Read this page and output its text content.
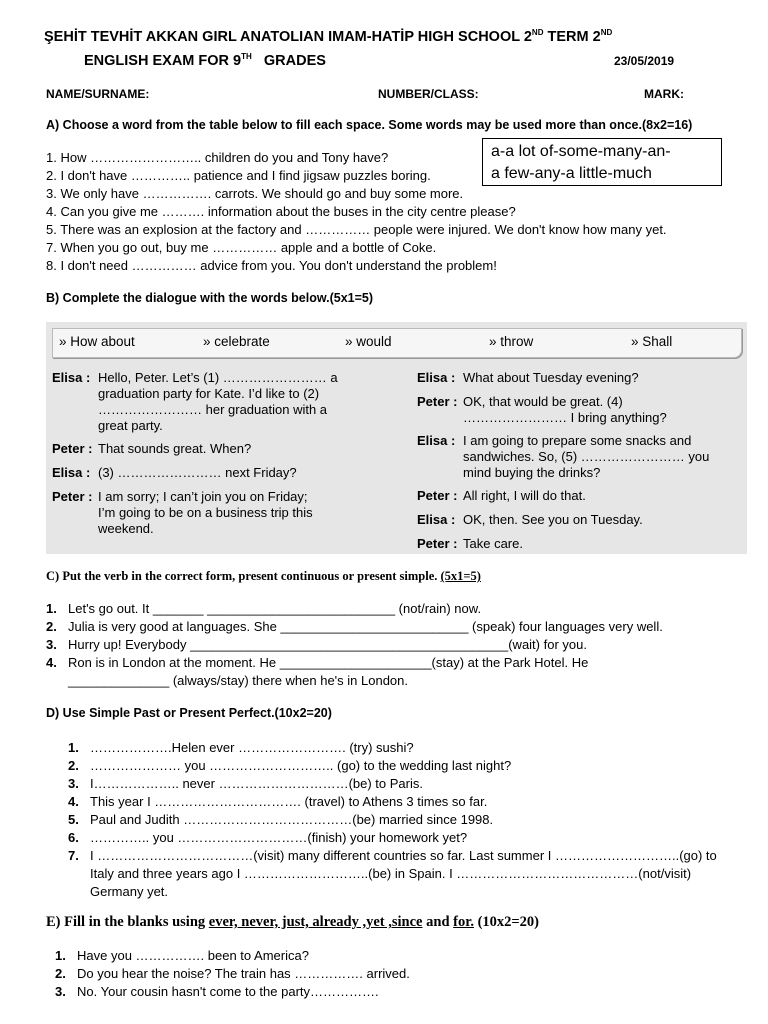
ŞEHİT TEVHİT AKKAN GIRL ANATOLIAN IMAM-HATİP HIGH SCHOOL 2ND TERM 2ND
ENGLISH EXAM FOR 9TH GRADES	23/05/2019
NAME/SURNAME:	NUMBER/CLASS:	MARK:
A) Choose a word from the table below to fill each space. Some words may be used more than once.(8x2=16)
a-a lot of-some-many-an-
a few-any-a little-much
1. How …………………….. children do you and Tony have?
2. I don't have ………….. patience and I find jigsaw puzzles boring.
3. We only have ……………. carrots. We should go and buy some more.
4. Can you give me ………. information about the buses in the city centre please?
5. There was an explosion at the factory and …………… people were injured. We don't know how many yet.
7. When you go out, buy me …………… apple and a bottle of Coke.
8. I don't need …………… advice from you. You don't understand the problem!
B) Complete the dialogue with the words below.(5x1=5)
» How about	» celebrate	» would	» throw	» Shall
Elisa : Hello, Peter. Let’s (1) …………………… a
graduation party for Kate. I’d like to (2)
…………………… her graduation with a
great party.
Peter : That sounds great. When?
Elisa : (3) …………………… next Friday?
Peter : I am sorry; I can’t join you on Friday;
I’m going to be on a business trip this
weekend.
Elisa : What about Tuesday evening?
Peter : OK, that would be great. (4)
…………………… I bring anything?
Elisa : I am going to prepare some snacks and
sandwiches. So, (5) …………………… you
mind buying the drinks?
Peter : All right, I will do that.
Elisa : OK, then. See you on Tuesday.
Peter : Take care.
C) Put the verb in the correct form, present continuous or present simple. (5x1=5)
1. Let's go out. It _______ __________________________ (not/rain) now.
2. Julia is very good at languages. She __________________________ (speak) four languages very well.
3. Hurry up! Everybody ____________________________________________(wait) for you.
4. Ron is in London at the moment. He _____________________(stay) at the Park Hotel. He
______________ (always/stay) there when he's in London.
D) Use Simple Past or Present Perfect.(10x2=20)
1. ……………….Helen ever ……………………. (try) sushi?
2. ………………… you ……………………….. (go) to the wedding last night?
3. I……………….. never …………………………(be) to Paris.
4. This year I ……………………………. (travel) to Athens 3 times so far.
5. Paul and Judith …………………………………(be) married since 1998.
6. ………….. you …………………………(finish) your homework yet?
7. I ………………………………(visit) many different countries so far. Last summer I ………………………..(go) to
Italy and three years ago I ………………………..(be) in Spain. I ……………………………………(not/visit)
Germany yet.
E) Fill in the blanks using ever, never, just, already ,yet ,since and for. (10x2=20)
1. Have you ……………. been to America?
2. Do you hear the noise? The train has ……………. arrived.
3. No. Your cousin hasn't come to the party…………….
